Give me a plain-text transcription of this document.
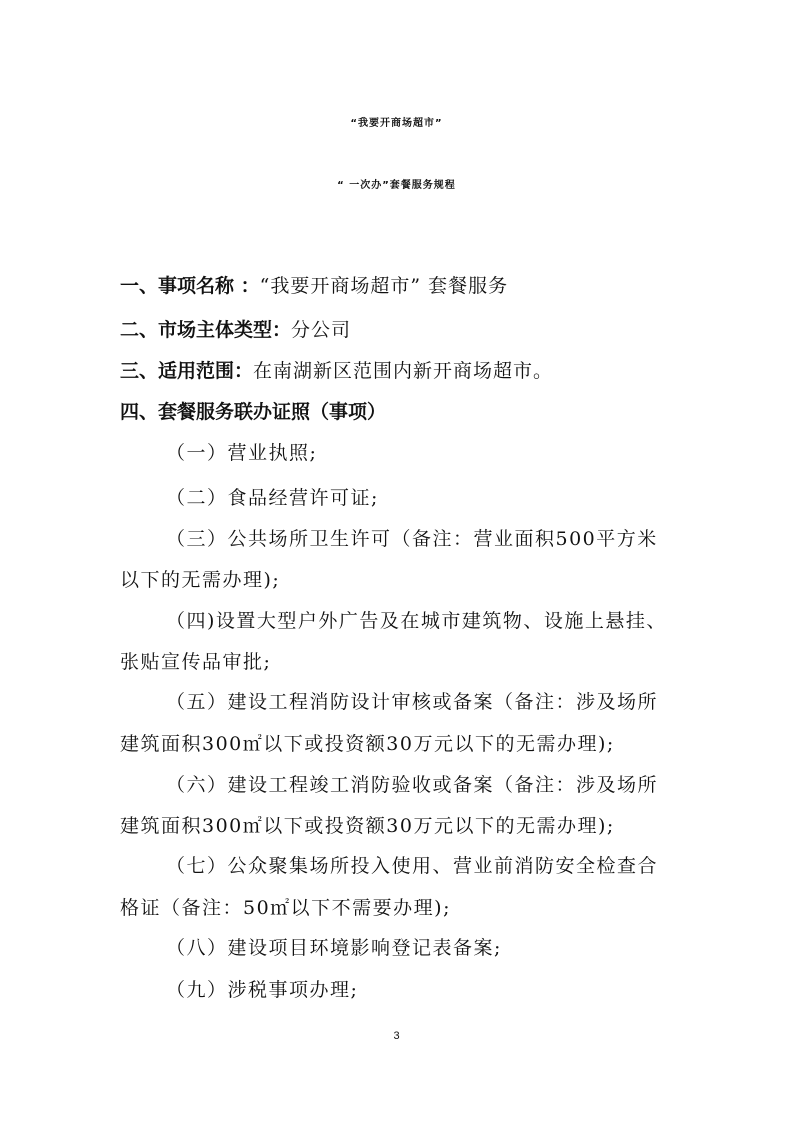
“我要开商场超市”
“ 一次办”套餐服务规程
一、事项名称 ：“我要开商场超市” 套餐服务
二、市场主体类型：分公司
三、适用范围：在南湖新区范围内新开商场超市。
四、套餐服务联办证照（事项）
（一）营业执照;
（二）食品经营许可证;
（三）公共场所卫生许可（备注：营业面积500平方米
以下的无需办理);
（四)设置大型户外广告及在城市建筑物、设施上悬挂、
张贴宣传品审批;
（五）建设工程消防设计审核或备案（备注：涉及场所
建筑面积300㎡以下或投资额30万元以下的无需办理);
（六）建设工程竣工消防验收或备案（备注：涉及场所
建筑面积300㎡以下或投资额30万元以下的无需办理);
（七）公众聚集场所投入使用、营业前消防安全检查合
格证（备注：50㎡以下不需要办理);
（八）建设项目环境影响登记表备案;
（九）涉税事项办理;
3
